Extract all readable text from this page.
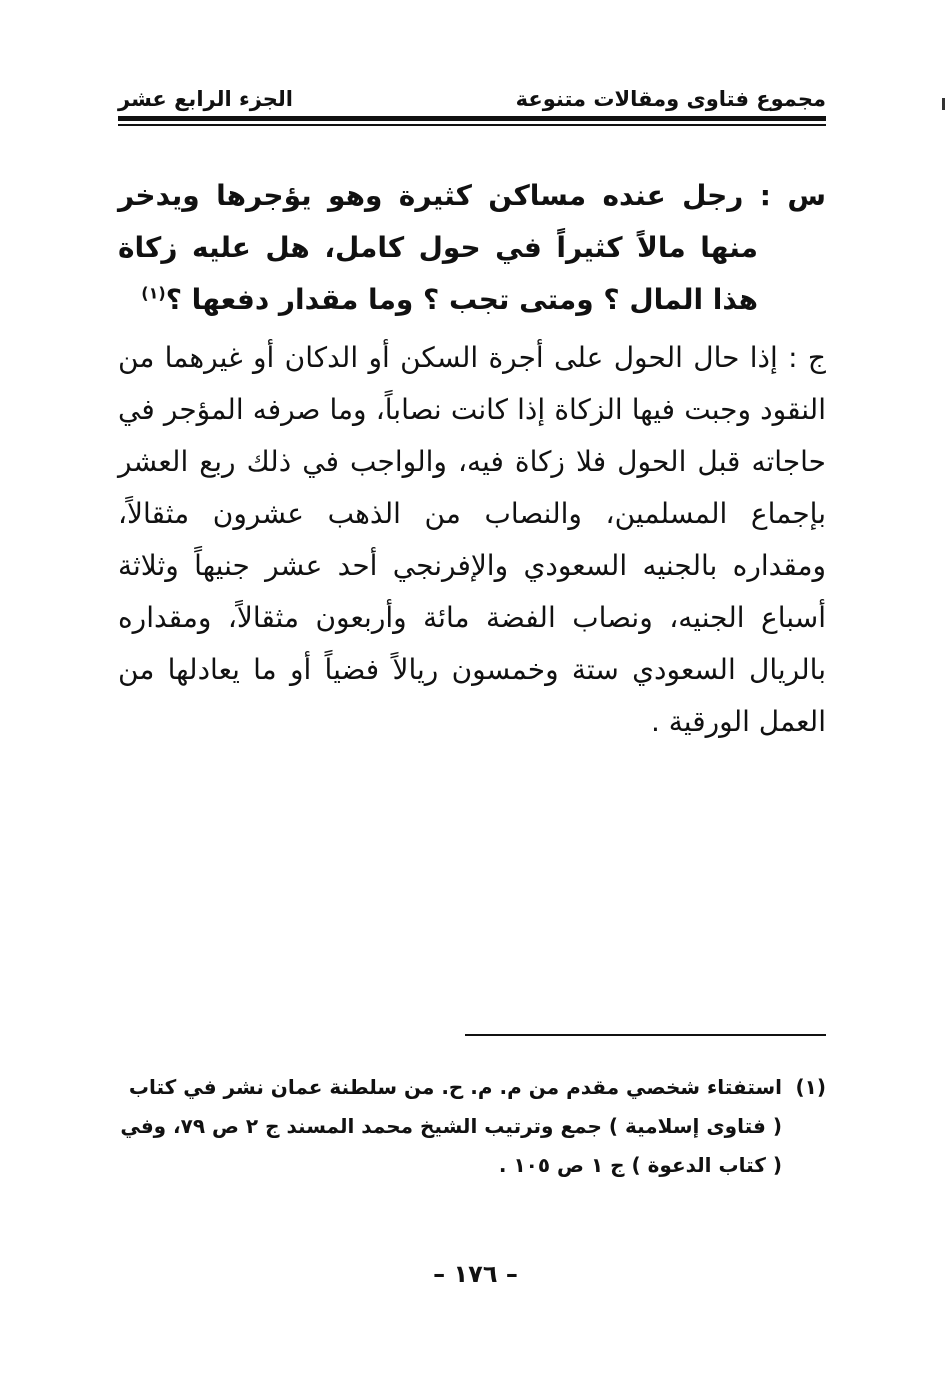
مجموع فتاوى ومقالات متنوعة
الجزء الرابع عشر

س : رجل عنده مساكن كثيرة وهو يؤجرها ويدخر منها مالاً كثيراً في حول كامل، هل عليه زكاة هذا المال ؟ ومتى تجب ؟ وما مقدار دفعها ؟$^{(١)}$

ج : إذا حال الحول على أجرة السكن أو الدكان أو غيرهما من النقود وجبت فيها الزكاة إذا كانت نصاباً، وما صرفه المؤجر في حاجاته قبل الحول فلا زكاة فيه، والواجب في ذلك ربع العشر بإجماع المسلمين، والنصاب من الذهب عشرون مثقالاً، ومقداره بالجنيه السعودي والإفرنجي أحد عشر جنيهاً وثلاثة أسباع الجنيه، ونصاب الفضة مائة وأربعون مثقالاً، ومقداره بالريال السعودي ستة وخمسون ريالاً فضياً أو ما يعادلها من العمل الورقية .

(١)
استفتاء شخصي مقدم من م. م. ح. من سلطنة عمان نشر في كتاب ( فتاوى إسلامية ) جمع وترتيب الشيخ محمد المسند ج ٢ ص ٧٩، وفي ( كتاب الدعوة ) ج ١ ص ١٠٥ .
– ١٧٦ –
